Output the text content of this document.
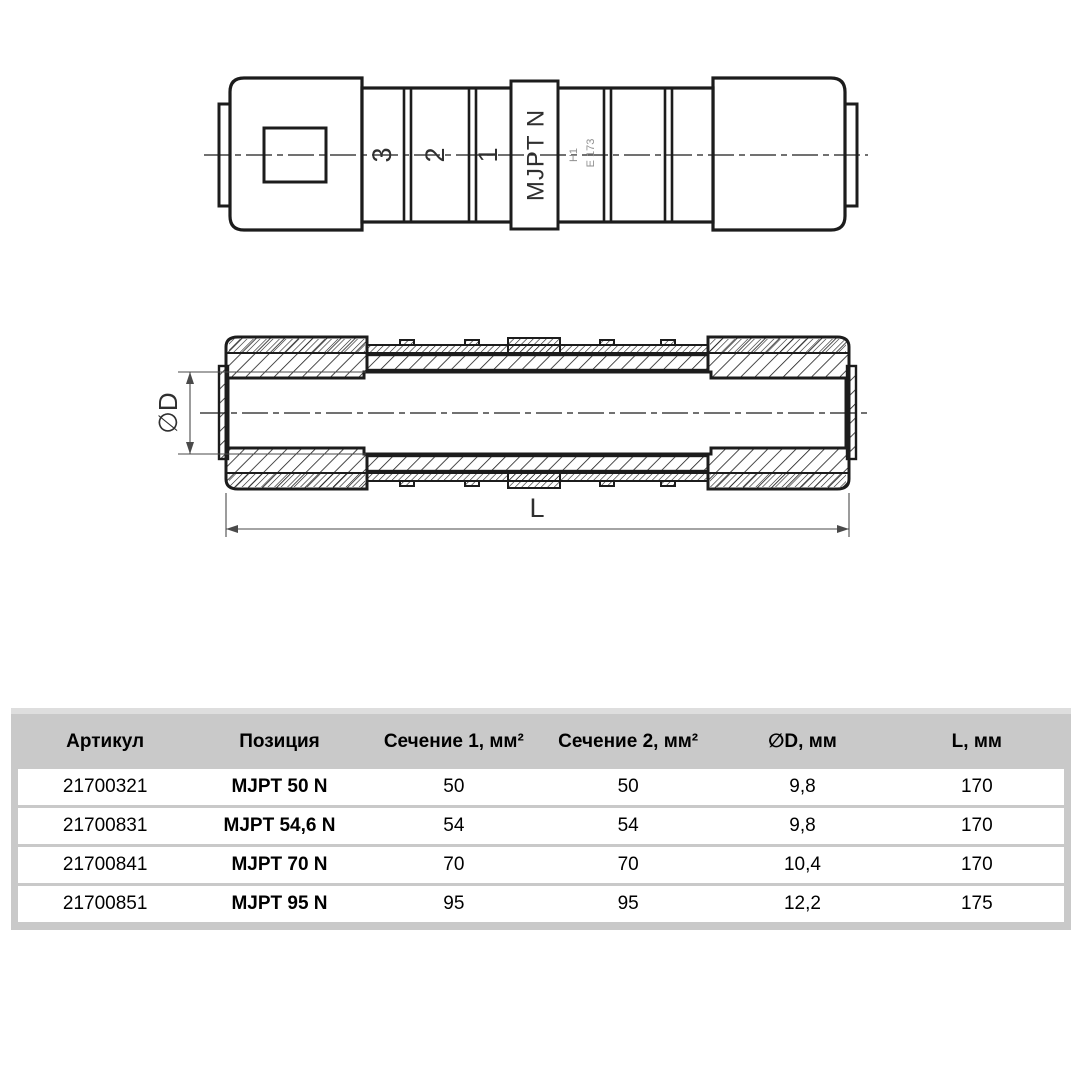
3 2 1 MJPT N H1 E 173
∅D
L
Артикул	Позиция	Сечение 1, мм²	Сечение 2, мм²	∅D, мм	L, мм
21700321	MJPT 50 N	50	50	9,8	170
21700831	MJPT 54,6 N	54	54	9,8	170
21700841	MJPT 70 N	70	70	10,4	170
21700851	MJPT 95 N	95	95	12,2	175
